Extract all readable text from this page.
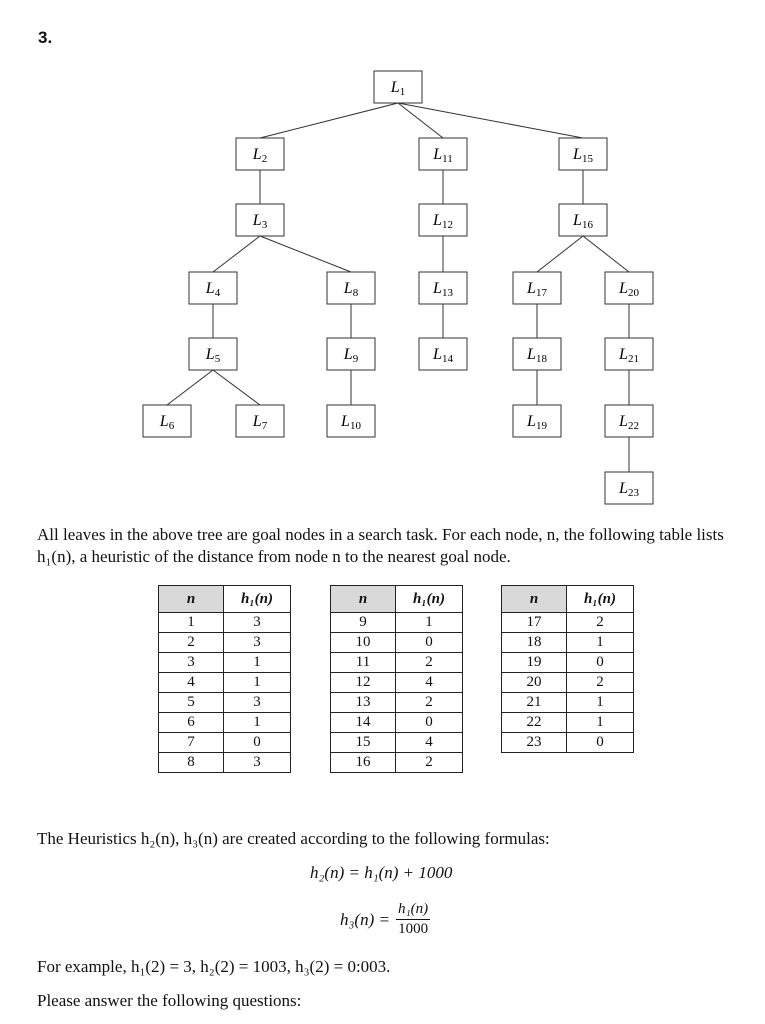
3.
L1
L2
L3
L4
L5
L6	L7
L8
L9
L10
L11
L12
L13
L14
L15
L16
L17
L18
L19
L20
L21
L22
L23
All leaves in the above tree are goal nodes in a search task. For each node, n, the following table lists h₁(n), a heuristic of the distance from node n to the nearest goal node.
n	h₁(n)
1	3
2	3
3	1
4	1
5	3
6	1
7	0
8	3
n	h₁(n)
9	1
10	0
11	2
12	4
13	2
14	0
15	4
16	2
n	h₁(n)
17	2
18	1
19	0
20	2
21	1
22	1
23	0
The Heuristics h₂(n), h₃(n) are created according to the following formulas:
h₂(n) = h₁(n) + 1000
$h_3(n) = \frac{\text{h₁(n)}}{1000}$
For example, h₁(2) = 3, h₂(2) = 1003, h₃(2) = 0:003.
Please answer the following questions:
